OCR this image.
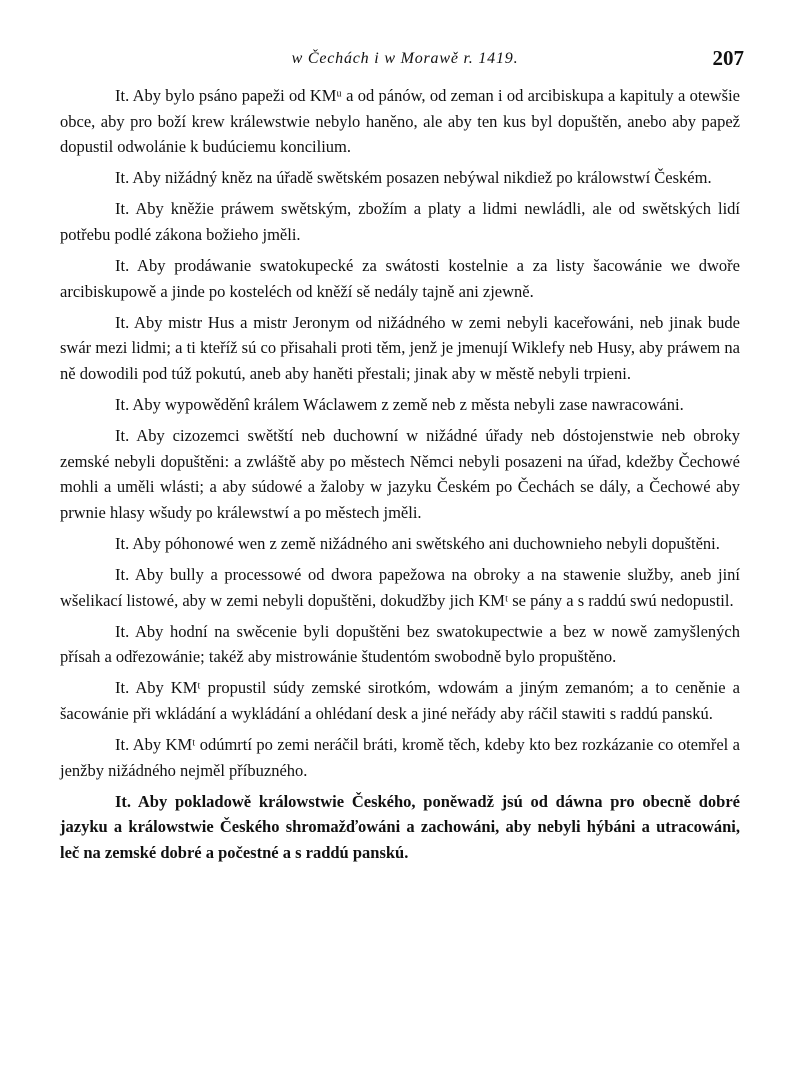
w Čechách i w Morawě r. 1419.	207

It. Aby bylo psáno papeži od KMᵘ a od pánów, od zeman i od arcibiskupa a kapituly a otewšie obce, aby pro boží krew králewstwie nebylo haněno, ale aby ten kus byl dopuštěn, anebo aby papež dopustil odwolánie k budúciemu koncilium.

It. Aby nižádný kněz na úřadě swětském posazen nebýwal nikdiež po králowstwí Českém.

It. Aby kněžie práwem swětským, zbožím a platy a lidmi newládli, ale od swětských lidí potřebu podlé zákona božieho jměli.

It. Aby prodáwanie swatokupecké za swátosti kostelnie a za listy šacowánie we dwoře arcibiskupowě a jinde po kosteléch od kněží sě nedály tajně ani zjewně.

It. Aby mistr Hus a mistr Jeronym od nižádného w zemi nebyli kaceřowáni, neb jinak bude swár mezi lidmi; a ti kteříž sú co přisahali proti těm, jenž je jmenují Wiklefy neb Husy, aby práwem na ně dowodili pod túž pokutú, aneb aby haněti přestali; jinak aby w městě nebyli trpieni.

It. Aby wypowěděnî králem Wáclawem z země neb z města nebyli zase nawracowáni.

It. Aby cizozemci swětští neb duchowní w nižádné úřady neb dóstojenstwie neb obroky zemské nebyli dopuštěni: a zwláště aby po městech Němci nebyli posazeni na úřad, kdežby Čechowé mohli a uměli wlásti; a aby súdowé a žaloby w jazyku Českém po Čechách se dály, a Čechowé aby prwnie hlasy wšudy po králewstwí a po městech jměli.

It. Aby póhonowé wen z země nižádného ani swětského ani duchownieho nebyli dopuštěni.

It. Aby bully a processowé od dwora papežowa na obroky a na stawenie služby, aneb jiní wšelikací listowé, aby w zemi nebyli dopuštěni, dokudžby jich KMᵗ se pány a s raddú swú nedopustil.

It. Aby hodní na swěcenie byli dopuštěni bez swatokupectwie a bez w nowě zamyšlených přísah a odřezowánie; takéž aby mistrowánie študentóm swobodně bylo propuštěno.

It. Aby KMᵗ propustil súdy zemské sirotkóm, wdowám a jiným zemanóm; a to ceněnie a šacowánie při wkládání a wykládání a ohlédaní desk a jiné neřády aby ráčil stawiti s raddú panskú.

It. Aby KMᵗ odúmrtí po zemi neráčil bráti, kromě těch, kdeby kto bez rozkázanie co otemřel a jenžby nižádného nejměl příbuzného.

It. Aby pokladowě králowstwie Českého, poněwadž jsú od dáwna pro obecně dobré jazyku a králowstwie Českého shromažďowáni a zachowáni, aby nebyli hýbáni a utracowáni, leč na zemské dobré a počestné a s raddú panskú.
